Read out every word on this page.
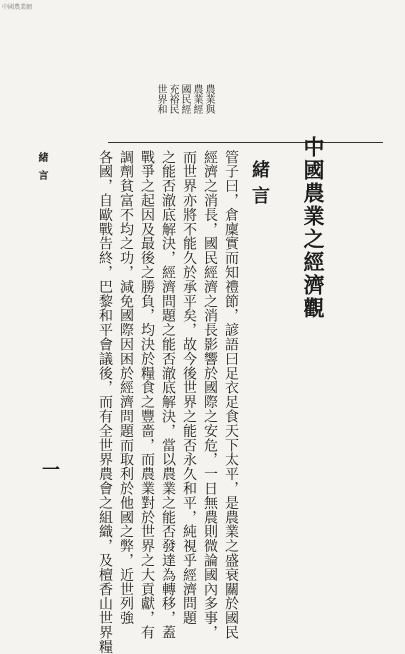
中國農業網
農業與
農業經
國民經
充裕民
世界和
中國農業之經濟觀
緒言
管子曰，倉廩實而知禮節，諺語曰足衣足食天下太平，是農業之盛衰關於國民
經濟之消長，國民經濟之消長影響於國際之安危，一日無農則微論國內多事，
而世界亦將不能久於承平矣，故今後世界之能否永久和平，純視乎經濟問題
之能否澈底解決，經濟問題之能否澈底解決，當以農業之能否發達為轉移，蓋
戰爭之起因及最後之勝負，均決於糧食之豐嗇，而農業對於世界之大貢獻，有
調劑貧富不均之功，減免國際因困於經濟問題而取利於他國之弊，近世列強
各國，自歐戰告終，巴黎和平會議後，而有全世界農會之組織，及檀香山世界糧
緒言
一
